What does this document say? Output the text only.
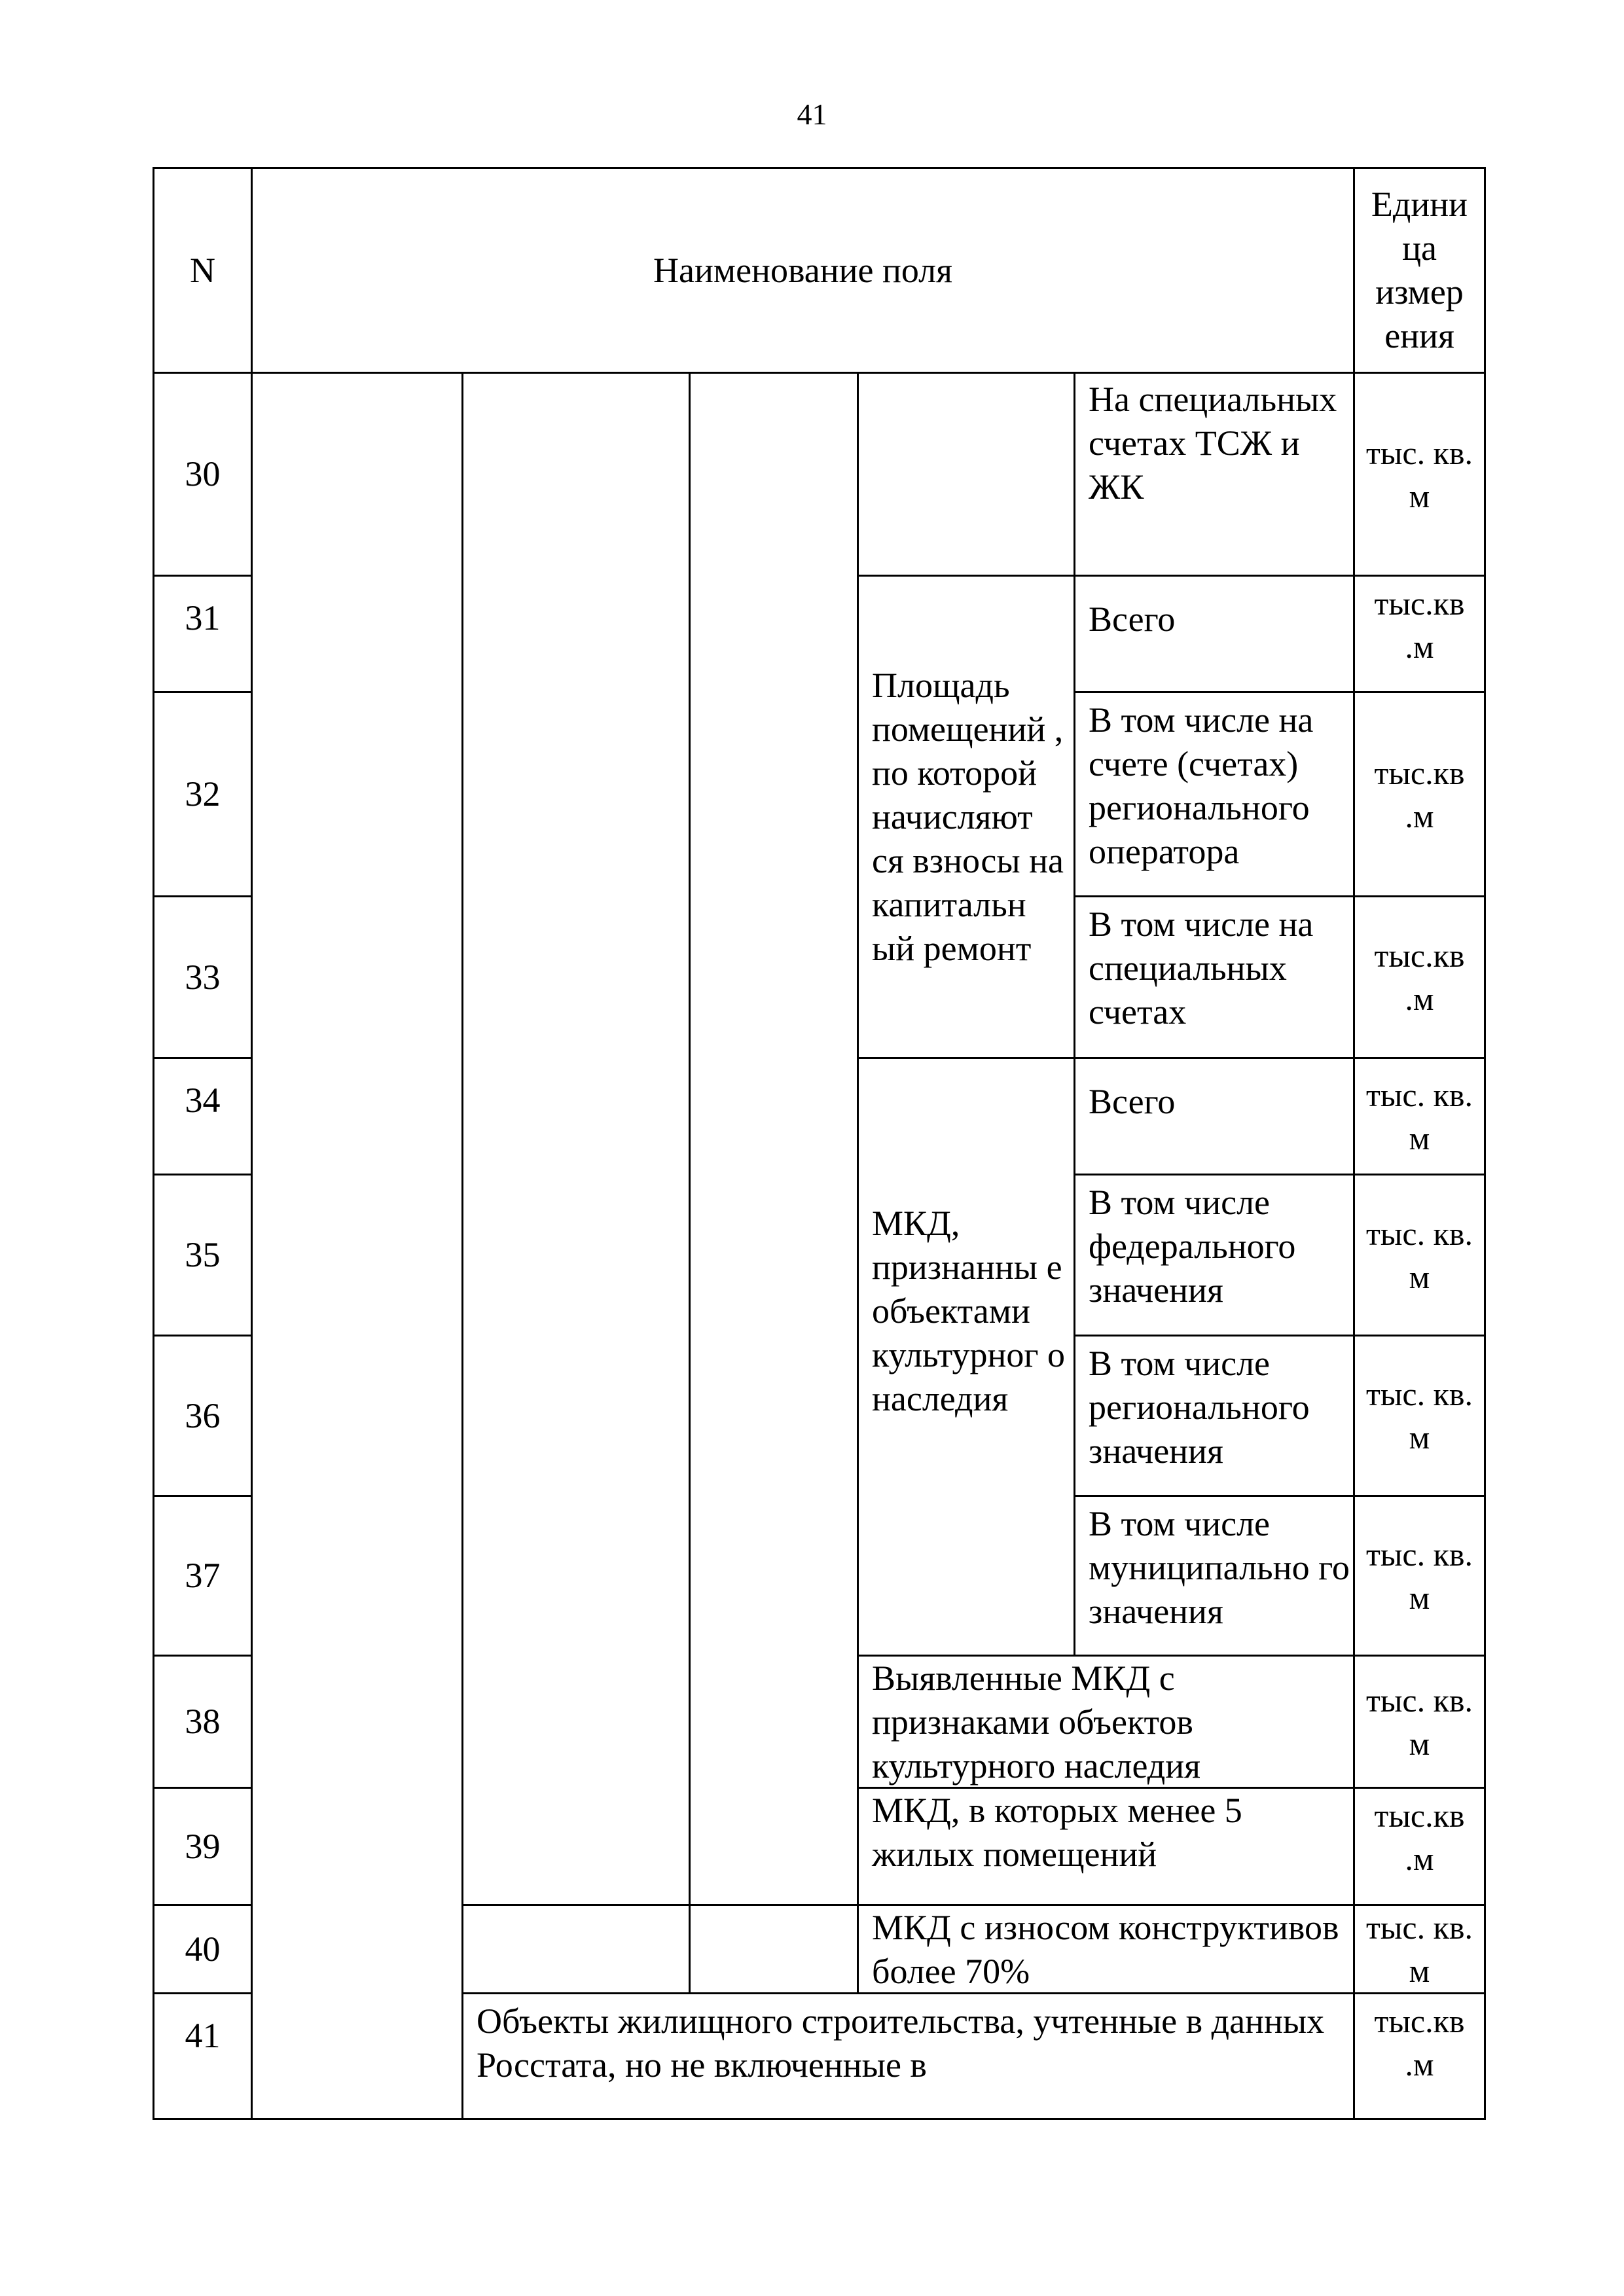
41
N	Наименование поля
Едини ца измер ения
30
31
32
33
34
35
36
37
38
39
40
41
Площадь помещений , по которой начисляют ся взносы на капитальн ый ремонт
МКД, признанны е объектами культурног о наследия
На специальных счетах ТСЖ и ЖК
Всего
В том числе на счете (счетах) регионального оператора
В том числе на специальных счетах
Всего
В том числе федерального значения
В том числе регионального значения
В том числе муниципально го значения
Выявленные МКД с признаками объектов культурного наследия
МКД, в которых менее 5 жилых помещений
МКД с износом конструктивов более 70%
Объекты жилищного строительства, учтенные в данных Росстата, но не включенные в
тыс. кв. м
тыс.кв .м
тыс.кв .м
тыс.кв .м
тыс. кв. м
тыс. кв. м
тыс. кв. м
тыс. кв. м
тыс. кв. м
тыс.кв .м
тыс. кв. м
тыс.кв .м
